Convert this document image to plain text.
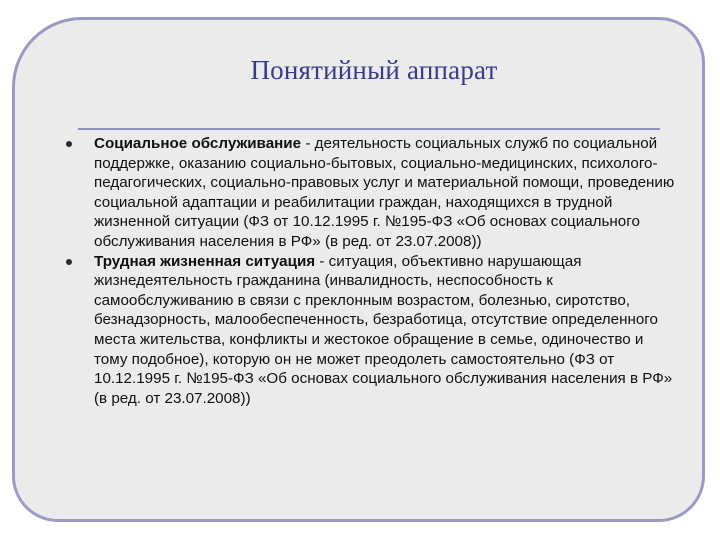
Понятийный аппарат
Социальное обслуживание - деятельность социальных служб по социальной поддержке, оказанию социально-бытовых, социально-медицинских, психолого-педагогических, социально-правовых услуг и материальной помощи, проведению социальной адаптации и реабилитации граждан, находящихся в трудной жизненной ситуации (ФЗ от 10.12.1995 г. №195-ФЗ «Об основах социального обслуживания населения в РФ» (в ред. от 23.07.2008))
Трудная жизненная ситуация - ситуация, объективно нарушающая жизнедеятельность гражданина (инвалидность, неспособность к самообслуживанию в связи с преклонным возрастом, болезнью, сиротство, безнадзорность, малообеспеченность, безработица, отсутствие определенного места жительства, конфликты и жестокое обращение в семье, одиночество и тому подобное), которую он не может преодолеть самостоятельно (ФЗ от 10.12.1995 г. №195-ФЗ «Об основах социального обслуживания населения в РФ» (в ред. от 23.07.2008))
